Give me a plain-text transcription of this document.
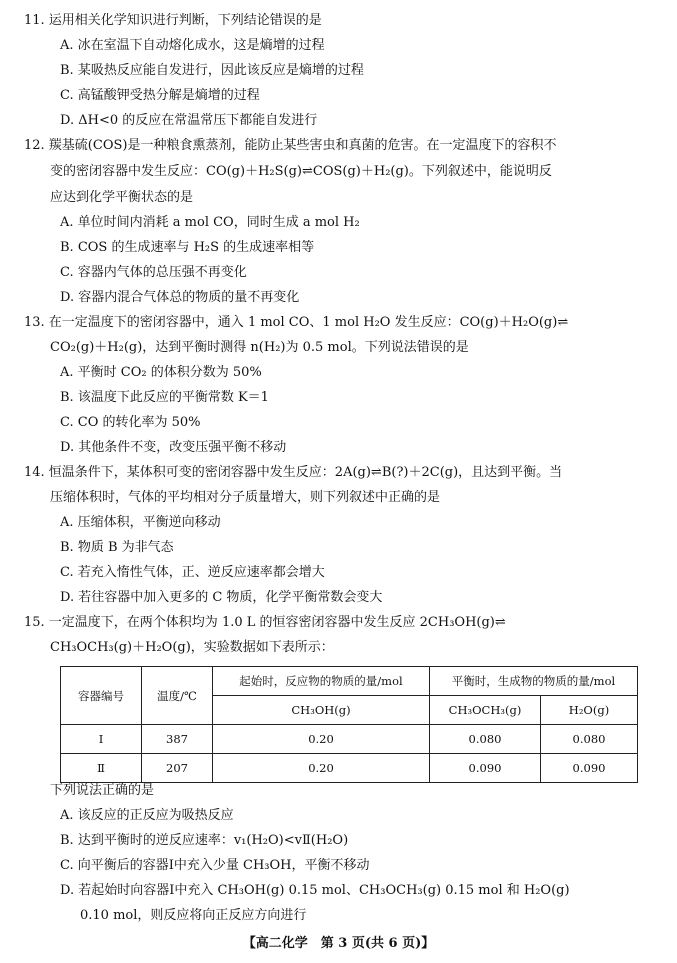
11. 运用相关化学知识进行判断，下列结论错误的是
A. 冰在室温下自动熔化成水，这是熵增的过程
B. 某吸热反应能自发进行，因此该反应是熵增的过程
C. 高锰酸钾受热分解是熵增的过程
D. ΔH<0 的反应在常温常压下都能自发进行
12. 羰基硫(COS)是一种粮食熏蒸剂，能防止某些害虫和真菌的危害。在一定温度下的容积不
变的密闭容器中发生反应：CO(g)＋H₂S(g)⇌COS(g)＋H₂(g)。下列叙述中，能说明反
应达到化学平衡状态的是
A. 单位时间内消耗 a mol CO，同时生成 a mol H₂
B. COS 的生成速率与 H₂S 的生成速率相等
C. 容器内气体的总压强不再变化
D. 容器内混合气体总的物质的量不再变化
13. 在一定温度下的密闭容器中，通入 1 mol CO、1 mol H₂O 发生反应：CO(g)＋H₂O(g)⇌
CO₂(g)＋H₂(g)，达到平衡时测得 n(H₂)为 0.5 mol。下列说法错误的是
A. 平衡时 CO₂ 的体积分数为 50%
B. 该温度下此反应的平衡常数 K＝1
C. CO 的转化率为 50%
D. 其他条件不变，改变压强平衡不移动
14. 恒温条件下，某体积可变的密闭容器中发生反应：2A(g)⇌B(?)＋2C(g)，且达到平衡。当
压缩体积时，气体的平均相对分子质量增大，则下列叙述中正确的是
A. 压缩体积，平衡逆向移动
B. 物质 B 为非气态
C. 若充入惰性气体，正、逆反应速率都会增大
D. 若往容器中加入更多的 C 物质，化学平衡常数会变大
15. 一定温度下，在两个体积均为 1.0 L 的恒容密闭容器中发生反应 2CH₃OH(g)⇌
CH₃OCH₃(g)＋H₂O(g)，实验数据如下表所示：
容器编号	温度/℃	起始时，反应物的物质的量/mol	平衡时，生成物的物质的量/mol	
		CH₃OH(g)	CH₃OCH₃(g)	H₂O(g)
Ⅰ	387	0.20	0.080	0.080
Ⅱ	207	0.20	0.090	0.090
下列说法正确的是
A. 该反应的正反应为吸热反应
B. 达到平衡时的逆反应速率：v₁(H₂O)<vⅡ(H₂O)
C. 向平衡后的容器Ⅰ中充入少量 CH₃OH，平衡不移动
D. 若起始时向容器Ⅰ中充入 CH₃OH(g) 0.15 mol、CH₃OCH₃(g) 0.15 mol 和 H₂O(g)
0.10 mol，则反应将向正反应方向进行
【高二化学　第 3 页(共 6 页)】
